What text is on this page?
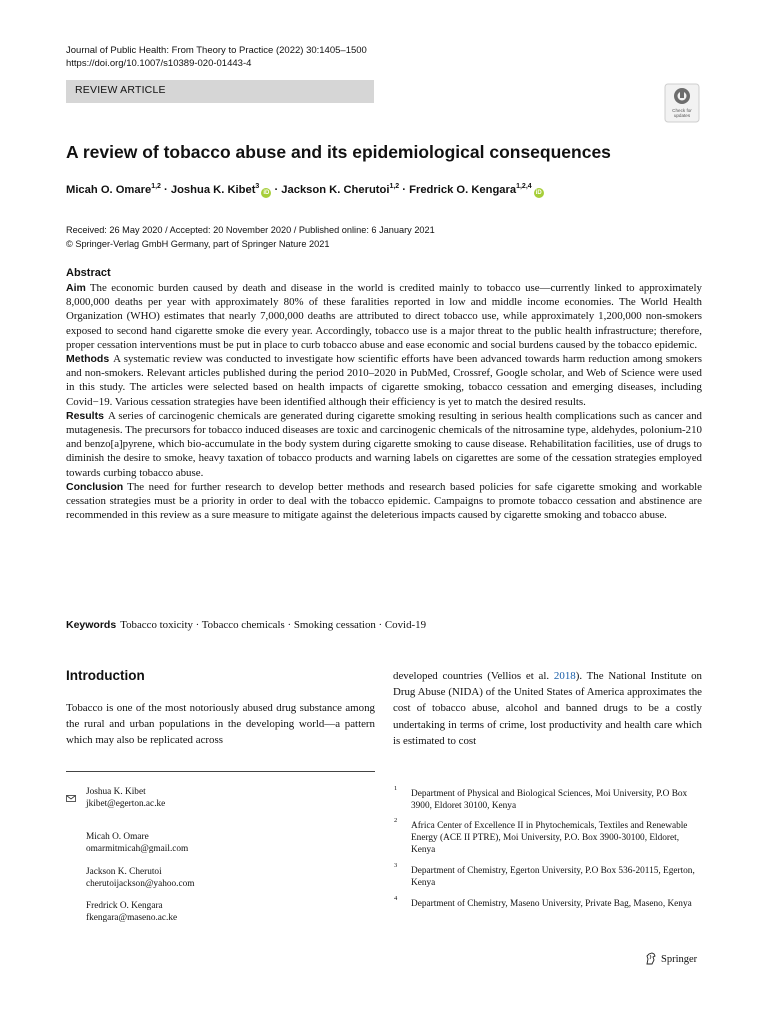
Journal of Public Health: From Theory to Practice (2022) 30:1405–1500
https://doi.org/10.1007/s10389-020-01443-4
REVIEW ARTICLE
Check for
updates
A review of tobacco abuse and its epidemiological consequences
Micah O. Omare$^{1,2}$ · Joshua K. Kibet$^3$iD · Jackson K. Cherutoi$^{1,2}$ · Fredrick O. Kengara$^{1,2,4}$iD
Received: 26 May 2020 / Accepted: 20 November 2020 / Published online: 6 January 2021
© Springer-Verlag GmbH Germany, part of Springer Nature 2021
Abstract

Aim The economic burden caused by death and disease in the world is credited mainly to tobacco use—currently linked to approximately 8,000,000 deaths per year with approximately 80% of these faralities reported in low and middle income economies. The World Health Organization (WHO) estimates that nearly 7,000,000 deaths are attributed to direct tobacco use, while approximately 1,200,000 non-smokers exposed to second hand cigarette smoke die every year. Accordingly, tobacco use is a major threat to the public health infrastructure; therefore, proper cessation interventions must be put in place to curb tobacco abuse and ease economic and social burdens caused by the tobacco epidemic.

Methods A systematic review was conducted to investigate how scientific efforts have been advanced towards harm reduction among smokers and non-smokers. Relevant articles published during the period 2010–2020 in PubMed, Crossref, Google scholar, and Web of Science were used in this study. The articles were selected based on health impacts of cigarette smoking, tobacco cessation and emerging diseases, including Covid−19. Various cessation strategies have been identified although their efficiency is yet to match the desired results.

Results A series of carcinogenic chemicals are generated during cigarette smoking resulting in serious health complications such as cancer and mutagenesis. The precursors for tobacco induced diseases are toxic and carcinogenic chemicals of the nitrosamine type, aldehydes, polonium-210 and benzo[a]pyrene, which bio-accumulate in the body system during cigarette smoking to cause disease. Rehabilitation facilities, use of drugs to diminish the desire to smoke, heavy taxation of tobacco products and warning labels on cigarettes are some of the cessation strategies employed towards curbing tobacco abuse.

Conclusion The need for further research to develop better methods and research based policies for safe cigarette smoking and workable cessation strategies must be a priority in order to deal with the tobacco epidemic. Campaigns to promote tobacco cessation and abstinence are recommended in this review as a sure measure to mitigate against the deleterious impacts caused by cigarette smoking and tobacco abuse.

Keywords Tobacco toxicity · Tobacco chemicals · Smoking cessation · Covid-19
Introduction
Tobacco is one of the most notoriously abused drug substance among the rural and urban populations in the developing world—a pattern which may also be replicated across
developed countries (Vellios et al. 2018). The National Institute on Drug Abuse (NIDA) of the United States of America approximates the cost of tobacco abuse, alcohol and banned drugs to be a costly undertaking in terms of crime, lost productivity and health care which is estimated to cost
Joshua K. Kibet
jkibet@egerton.ac.ke
Micah O. Omare
omarmitmicah@gmail.com
Jackson K. Cherutoi
cherutoijackson@yahoo.com
Fredrick O. Kengara
fkengara@maseno.ac.ke
1
Department of Physical and Biological Sciences, Moi University, P.O Box 3900, Eldoret 30100, Kenya
2
Africa Center of Excellence II in Phytochemicals, Textiles and Renewable Energy (ACE II PTRE), Moi University, P.O. Box 3900-30100, Eldoret, Kenya
3
Department of Chemistry, Egerton University, P.O Box 536-20115, Egerton, Kenya
4
Department of Chemistry, Maseno University, Private Bag, Maseno, Kenya
Springer
